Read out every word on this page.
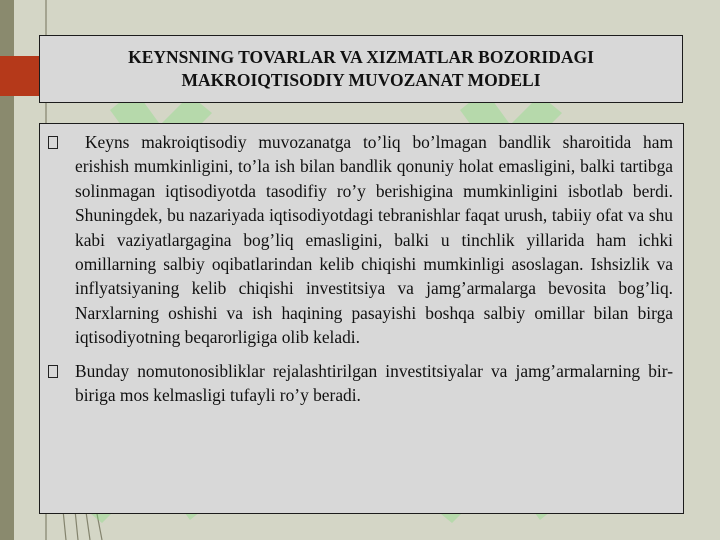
KEYNSNING TOVARLAR VA XIZMATLAR BOZORIDAGI
MAKROIQTISODIY MUVOZANAT MODELI

Keyns makroiqtisodiy muvozanatga to’liq bo’lmagan bandlik sharoitida ham erishish mumkinligini, to’la ish bilan bandlik qonuniy holat emasligini, balki tartibga solinmagan iqtisodiyotda tasodifiy ro’y berishigina mumkinligini isbotlab berdi. Shuningdek, bu nazariyada iqtisodiyotdagi tebranishlar faqat urush, tabiiy ofat va shu kabi vaziyatlargagina bog’liq emasligini, balki u tinchlik yillarida ham ichki omillarning salbiy oqibatlarindan kelib chiqishi mumkinligi asoslagan. Ishsizlik va inflyatsiyaning kelib chiqishi investitsiya va jamg’armalarga bevosita bog’liq. Narxlarning oshishi va ish haqining pasayishi boshqa salbiy omillar bilan birga iqtisodiyotning beqarorligiga olib keladi.

Bunday nomutonosibliklar rejalashtirilgan investitsiyalar va jamg’armalarning bir-biriga mos kelmasligi tufayli ro’y beradi.
